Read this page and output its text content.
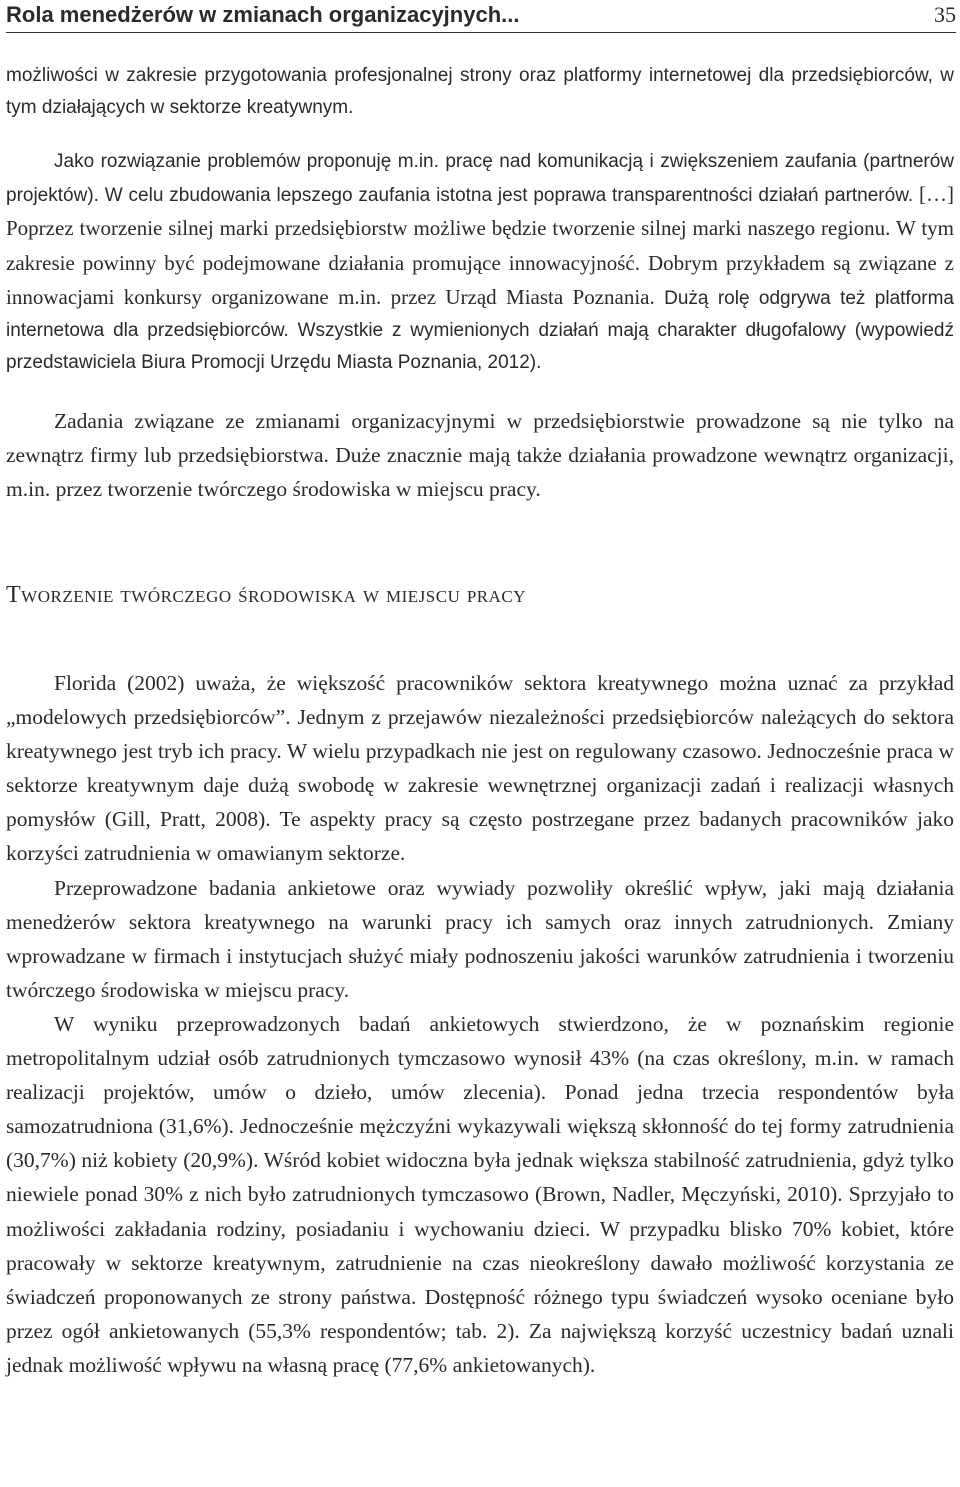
Rola menedżerów w zmianach organizacyjnych...	35

możliwości w zakresie przygotowania profesjonalnej strony oraz platformy internetowej dla przedsiębiorców, w tym działających w sektorze kreatywnym.

Jako rozwiązanie problemów proponuję m.in. pracę nad komunikacją i zwiększeniem zaufania (partnerów projektów). W celu zbudowania lepszego zaufania istotna jest poprawa transparentności działań partnerów. […] Poprzez tworzenie silnej marki przedsiębiorstw możliwe będzie tworzenie silnej marki naszego regionu. W tym zakresie powinny być podejmowane działania promujące innowacyjność. Dobrym przykładem są związane z innowacjami konkursy organizowane m.in. przez Urząd Miasta Poznania. Dużą rolę odgrywa też platforma internetowa dla przedsiębiorców. Wszystkie z wymienionych działań mają charakter długofalowy (wypowiedź przedstawiciela Biura Promocji Urzędu Miasta Poznania, 2012).

Zadania związane ze zmianami organizacyjnymi w przedsiębiorstwie prowadzone są nie tylko na zewnątrz firmy lub przedsiębiorstwa. Duże znacznie mają także działania prowadzone wewnątrz organizacji, m.in. przez tworzenie twórczego środowiska w miejscu pracy.

Tworzenie twórczego środowiska w miejscu pracy

Florida (2002) uważa, że większość pracowników sektora kreatywnego można uznać za przykład „modelowych przedsiębiorców”. Jednym z przejawów niezależności przedsiębiorców należących do sektora kreatywnego jest tryb ich pracy. W wielu przypadkach nie jest on regulowany czasowo. Jednocześnie praca w sektorze kreatywnym daje dużą swobodę w zakresie wewnętrznej organizacji zadań i realizacji własnych pomysłów (Gill, Pratt, 2008). Te aspekty pracy są często postrzegane przez badanych pracowników jako korzyści zatrudnienia w omawianym sektorze.

Przeprowadzone badania ankietowe oraz wywiady pozwoliły określić wpływ, jaki mają działania menedżerów sektora kreatywnego na warunki pracy ich samych oraz innych zatrudnionych. Zmiany wprowadzane w firmach i instytucjach służyć miały podnoszeniu jakości warunków zatrudnienia i tworzeniu twórczego środowiska w miejscu pracy.

W wyniku przeprowadzonych badań ankietowych stwierdzono, że w poznańskim regionie metropolitalnym udział osób zatrudnionych tymczasowo wynosił 43% (na czas określony, m.in. w ramach realizacji projektów, umów o dzieło, umów zlecenia). Ponad jedna trzecia respondentów była samozatrudniona (31,6%). Jednocześnie mężczyźni wykazywali większą skłonność do tej formy zatrudnienia (30,7%) niż kobiety (20,9%). Wśród kobiet widoczna była jednak większa stabilność zatrudnienia, gdyż tylko niewiele ponad 30% z nich było zatrudnionych tymczasowo (Brown, Nadler, Męczyński, 2010). Sprzyjało to możliwości zakładania rodziny, posiadaniu i wychowaniu dzieci. W przypadku blisko 70% kobiet, które pracowały w sektorze kreatywnym, zatrudnienie na czas nieokreślony dawało możliwość korzystania ze świadczeń proponowanych ze strony państwa. Dostępność różnego typu świadczeń wysoko oceniane było przez ogół ankietowanych (55,3% respondentów; tab. 2). Za największą korzyść uczestnicy badań uznali jednak możliwość wpływu na własną pracę (77,6% ankietowanych).
